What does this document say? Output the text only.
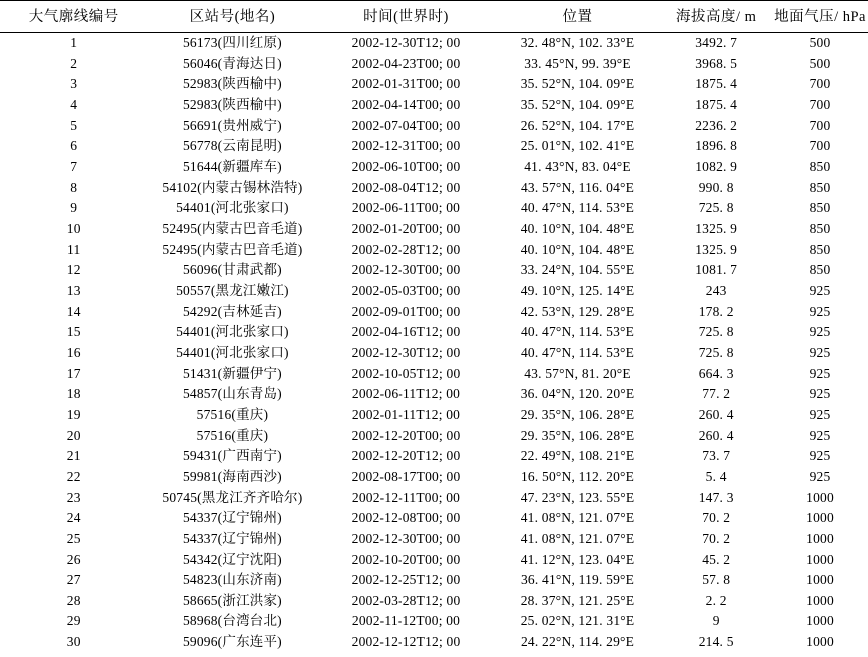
大气廓线编号	区站号(地名)	时间(世界时)	位置	海拔高度/ m	地面气压/ hPa
1	56173(四川红原)	2002-12-30T12; 00	32. 48°N, 102. 33°E	3492. 7	500
2	56046(青海达日)	2002-04-23T00; 00	33. 45°N, 99. 39°E	3968. 5	500
3	52983(陕西榆中)	2002-01-31T00; 00	35. 52°N, 104. 09°E	1875. 4	700
4	52983(陕西榆中)	2002-04-14T00; 00	35. 52°N, 104. 09°E	1875. 4	700
5	56691(贵州威宁)	2002-07-04T00; 00	26. 52°N, 104. 17°E	2236. 2	700
6	56778(云南昆明)	2002-12-31T00; 00	25. 01°N, 102. 41°E	1896. 8	700
7	51644(新疆库车)	2002-06-10T00; 00	41. 43°N, 83. 04°E	1082. 9	850
8	54102(内蒙古锡林浩特)	2002-08-04T12; 00	43. 57°N, 116. 04°E	990. 8	850
9	54401(河北张家口)	2002-06-11T00; 00	40. 47°N, 114. 53°E	725. 8	850
10	52495(内蒙古巴音毛道)	2002-01-20T00; 00	40. 10°N, 104. 48°E	1325. 9	850
11	52495(内蒙古巴音毛道)	2002-02-28T12; 00	40. 10°N, 104. 48°E	1325. 9	850
12	56096(甘肃武都)	2002-12-30T00; 00	33. 24°N, 104. 55°E	1081. 7	850
13	50557(黑龙江嫩江)	2002-05-03T00; 00	49. 10°N, 125. 14°E	243	925
14	54292(吉林延吉)	2002-09-01T00; 00	42. 53°N, 129. 28°E	178. 2	925
15	54401(河北张家口)	2002-04-16T12; 00	40. 47°N, 114. 53°E	725. 8	925
16	54401(河北张家口)	2002-12-30T12; 00	40. 47°N, 114. 53°E	725. 8	925
17	51431(新疆伊宁)	2002-10-05T12; 00	43. 57°N, 81. 20°E	664. 3	925
18	54857(山东青岛)	2002-06-11T12; 00	36. 04°N, 120. 20°E	77. 2	925
19	57516(重庆)	2002-01-11T12; 00	29. 35°N, 106. 28°E	260. 4	925
20	57516(重庆)	2002-12-20T00; 00	29. 35°N, 106. 28°E	260. 4	925
21	59431(广西南宁)	2002-12-20T12; 00	22. 49°N, 108. 21°E	73. 7	925
22	59981(海南西沙)	2002-08-17T00; 00	16. 50°N, 112. 20°E	5. 4	925
23	50745(黑龙江齐齐哈尔)	2002-12-11T00; 00	47. 23°N, 123. 55°E	147. 3	1000
24	54337(辽宁锦州)	2002-12-08T00; 00	41. 08°N, 121. 07°E	70. 2	1000
25	54337(辽宁锦州)	2002-12-30T00; 00	41. 08°N, 121. 07°E	70. 2	1000
26	54342(辽宁沈阳)	2002-10-20T00; 00	41. 12°N, 123. 04°E	45. 2	1000
27	54823(山东济南)	2002-12-25T12; 00	36. 41°N, 119. 59°E	57. 8	1000
28	58665(浙江洪家)	2002-03-28T12; 00	28. 37°N, 121. 25°E	2. 2	1000
29	58968(台湾台北)	2002-11-12T00; 00	25. 02°N, 121. 31°E	9	1000
30	59096(广东连平)	2002-12-12T12; 00	24. 22°N, 114. 29°E	214. 5	1000
